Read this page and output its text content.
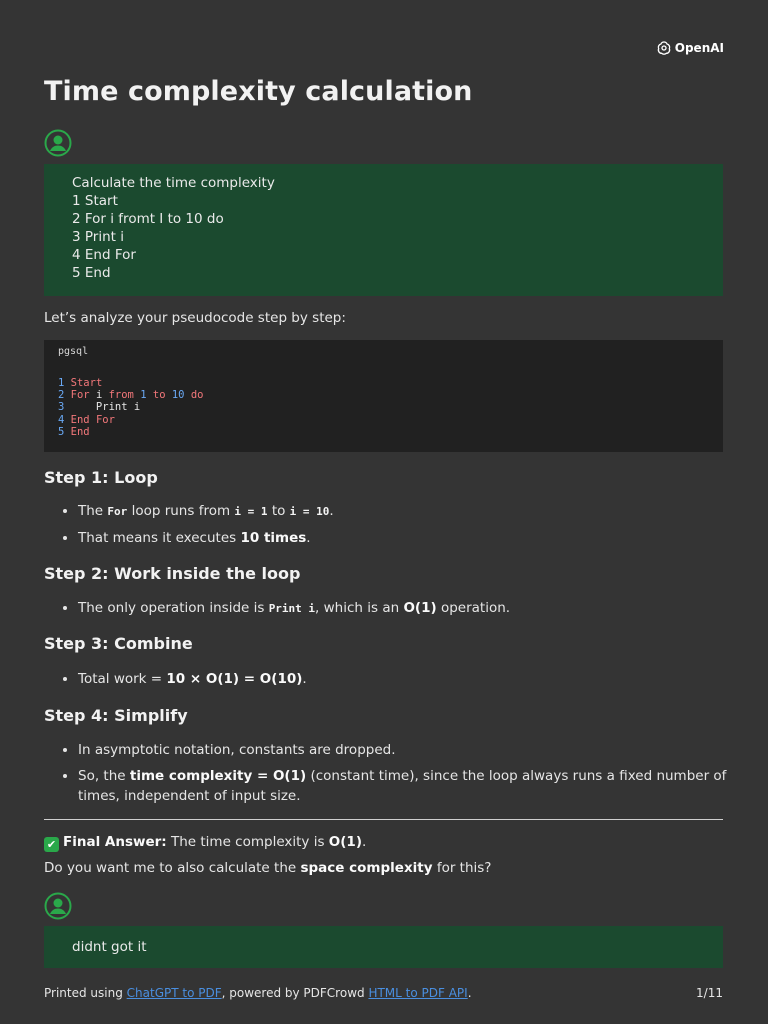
OpenAI
Time complexity calculation
Calculate the time complexity
1 Start
2 For i fromt I to 10 do
3 Print i
4 End For
5 End

Let’s analyze your pseudocode step by step:

pgsql
1 Start
2 For i from 1 to 10 do
3     Print i
4 End For
5 End
Step 1: Loop
• The For loop runs from i = 1 to i = 10.
• That means it executes 10 times.
Step 2: Work inside the loop
• The only operation inside is Print i, which is an O(1) operation.
Step 3: Combine
• Total work = 10 × O(1) = O(10).
Step 4: Simplify
• In asymptotic notation, constants are dropped.
• So, the time complexity = O(1) (constant time), since the loop always runs a fixed number of times, independent of input size.

✔ Final Answer: The time complexity is O(1).

Do you want me to also calculate the space complexity for this?

didnt got it
Printed using ChatGPT to PDF, powered by PDFCrowd HTML to PDF API.	1/11
